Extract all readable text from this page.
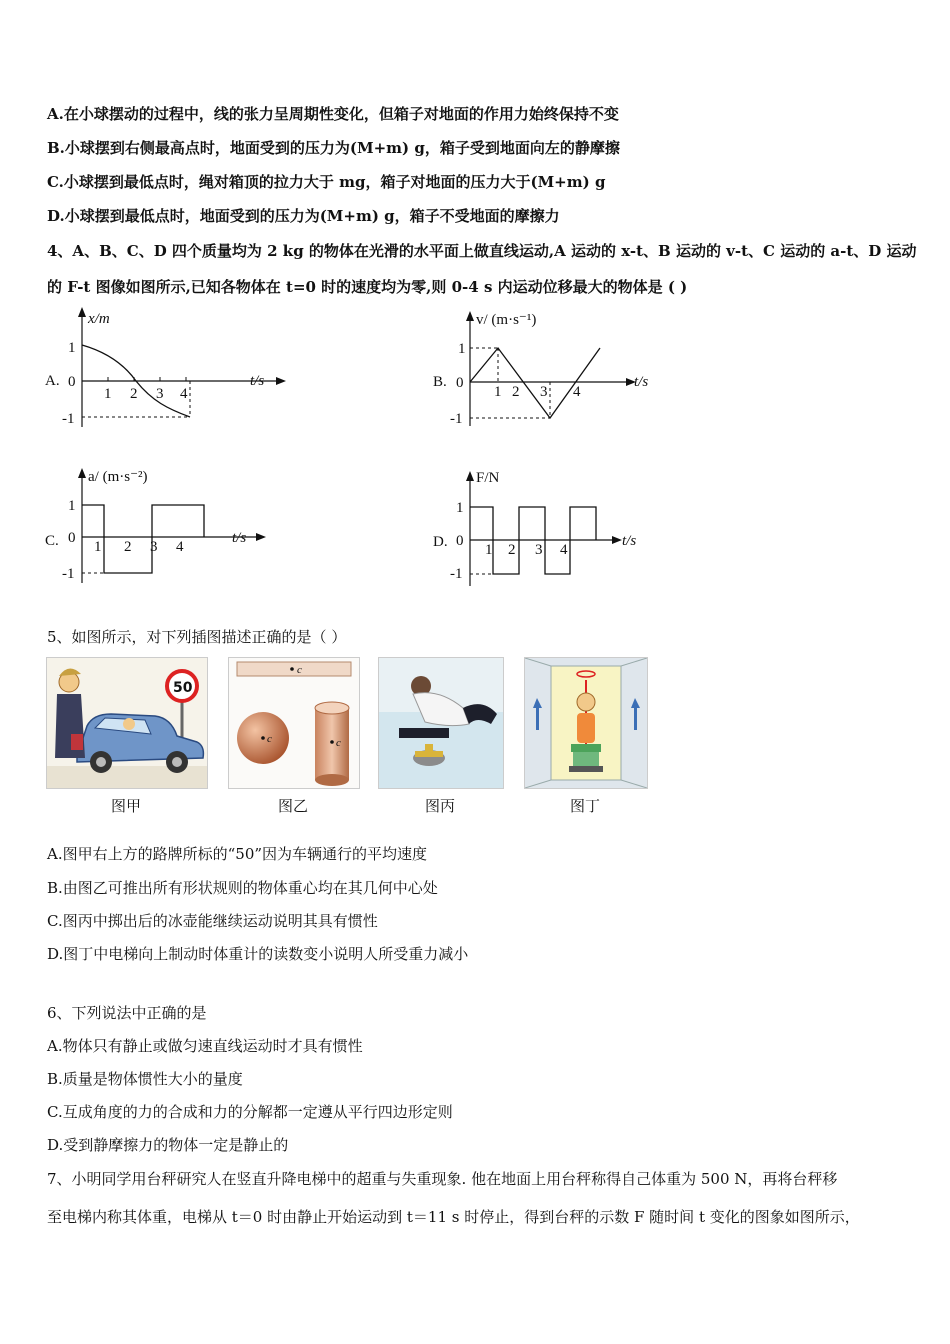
A.在小球摆动的过程中，线的张力呈周期性变化，但箱子对地面的作用力始终保持不变
B.小球摆到右侧最高点时，地面受到的压力为(M+m) g，箱子受到地面向左的静摩擦
C.小球摆到最低点时，绳对箱顶的拉力大于 mg，箱子对地面的压力大于(M+m) g
D.小球摆到最低点时，地面受到的压力为(M+m) g，箱子不受地面的摩擦力
4、A、B、C、D 四个质量均为 2 kg 的物体在光滑的水平面上做直线运动,A 运动的 x-t、B 运动的 v-t、C 运动的 a-t、D 运动
的 F-t 图像如图所示,已知各物体在 t=0 时的速度均为零,则 0-4 s 内运动位移最大的物体是 ( )
A.
x/m
t/s
1
0
-1
1 2 3 4
B.
v/ (m·s⁻¹)
t/s
1
0
-1
1 2 3 4
C.
a/ (m·s⁻²)
t/s
1
0
-1
1 2 3 4	D.
F/N
t/s
1
0
-1
1 2 3 4
5、如图所示，对下列插图描述正确的是（ ）
50
图甲
c
c	c
图乙	图丙	图丁
A.图甲右上方的路牌所标的“50”因为车辆通行的平均速度
B.由图乙可推出所有形状规则的物体重心均在其几何中心处
C.图丙中掷出后的冰壶能继续运动说明其具有惯性
D.图丁中电梯向上制动时体重计的读数变小说明人所受重力减小
6、下列说法中正确的是
A.物体只有静止或做匀速直线运动时才具有惯性
B.质量是物体惯性大小的量度
C.互成角度的力的合成和力的分解都一定遵从平行四边形定则
D.受到静摩擦力的物体一定是静止的
7、小明同学用台秤研究人在竖直升降电梯中的超重与失重现象. 他在地面上用台秤称得自己体重为 500 N，再将台秤移
至电梯内称其体重，电梯从 t＝0 时由静止开始运动到 t＝11 s 时停止，得到台秤的示数 F 随时间 t 变化的图象如图所示，
